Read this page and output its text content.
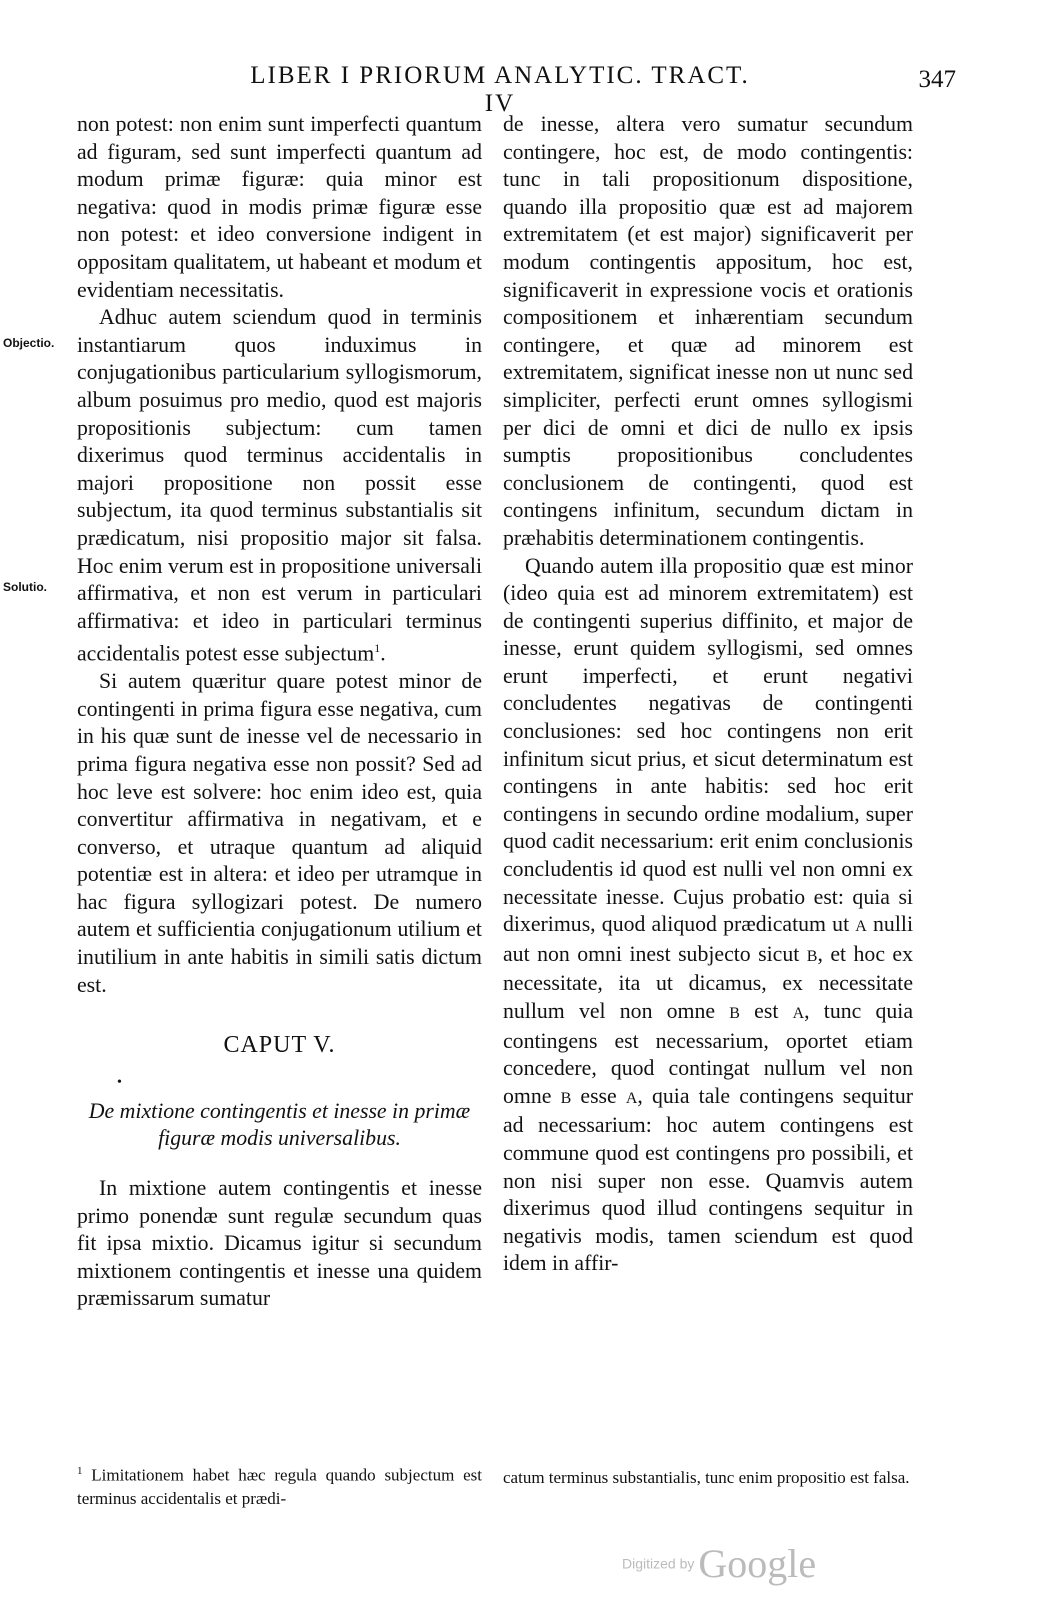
LIBER I PRIORUM ANALYTIC. TRACT. IV
347
Objectio.
Solutio.

non potest: non enim sunt imperfecti quantum ad figuram, sed sunt imperfecti quantum ad modum primæ figuræ: quia minor est negativa: quod in modis primæ figuræ esse non potest: et ideo conversione indigent in oppositam qualitatem, ut habeant et modum et evidentiam necessitatis.

Adhuc autem sciendum quod in terminis instantiarum quos induximus in conjugationibus particularium syllogismorum, album posuimus pro medio, quod est majoris propositionis subjectum: cum tamen dixerimus quod terminus accidentalis in majori propositione non possit esse subjectum, ita quod terminus substantialis sit prædicatum, nisi propositio major sit falsa. Hoc enim verum est in propositione universali affirmativa, et non est verum in particulari affirmativa: et ideo in particulari terminus accidentalis potest esse subjectum$^1$.

Si autem quæritur quare potest minor de contingenti in prima figura esse negativa, cum in his quæ sunt de inesse vel de necessario in prima figura negativa esse non possit? Sed ad hoc leve est solvere: hoc enim ideo est, quia convertitur affirmativa in negativam, et e converso, et utraque quantum ad aliquid potentiæ est in altera: et ideo per utramque in hac figura syllogizari potest. De numero autem et sufficientia conjugationum utilium et inutilium in ante habitis in simili satis dictum est.

CAPUT V.
•
De mixtione contingentis et inesse in primæ figuræ modis universalibus.

In mixtione autem contingentis et inesse primo ponendæ sunt regulæ secundum quas fit ipsa mixtio. Dicamus igitur si secundum mixtionem contingentis et inesse una quidem præmissarum sumatur

de inesse, altera vero sumatur secundum contingere, hoc est, de modo contingentis: tunc in tali propositionum dispositione, quando illa propositio quæ est ad majorem extremitatem (et est major) significaverit per modum contingentis appositum, hoc est, significaverit in expressione vocis et orationis compositionem et inhærentiam secundum contingere, et quæ ad minorem est extremitatem, significat inesse non ut nunc sed simpliciter, perfecti erunt omnes syllogismi per dici de omni et dici de nullo ex ipsis sumptis propositionibus concludentes conclusionem de contingenti, quod est contingens infinitum, secundum dictam in præhabitis determinationem contingentis.

Quando autem illa propositio quæ est minor (ideo quia est ad minorem extremitatem) est de contingenti superius diffinito, et major de inesse, erunt quidem syllogismi, sed omnes erunt imperfecti, et erunt negativi concludentes negativas de contingenti conclusiones: sed hoc contingens non erit infinitum sicut prius, et sicut determinatum est contingens in ante habitis: sed hoc erit contingens in secundo ordine modalium, super quod cadit necessarium: erit enim conclusionis concludentis id quod est nulli vel non omni ex necessitate inesse. Cujus probatio est: quia si dixerimus, quod aliquod prædicatum ut A nulli aut non omni inest subjecto sicut B, et hoc ex necessitate, ita ut dicamus, ex necessitate nullum vel non omne B est A, tunc quia contingens est necessarium, oportet etiam concedere, quod contingat nullum vel non omne B esse A, quia tale contingens sequitur ad necessarium: hoc autem contingens est commune quod est contingens pro possibili, et non nisi super non esse. Quamvis autem dixerimus quod illud contingens sequitur in negativis modis, tamen sciendum est quod idem in affir-

$^1$ Limitationem habet hæc regula quando subjectum est terminus accidentalis et prædi-
catum terminus substantialis, tunc enim propositio est falsa.
Digitized by Google
